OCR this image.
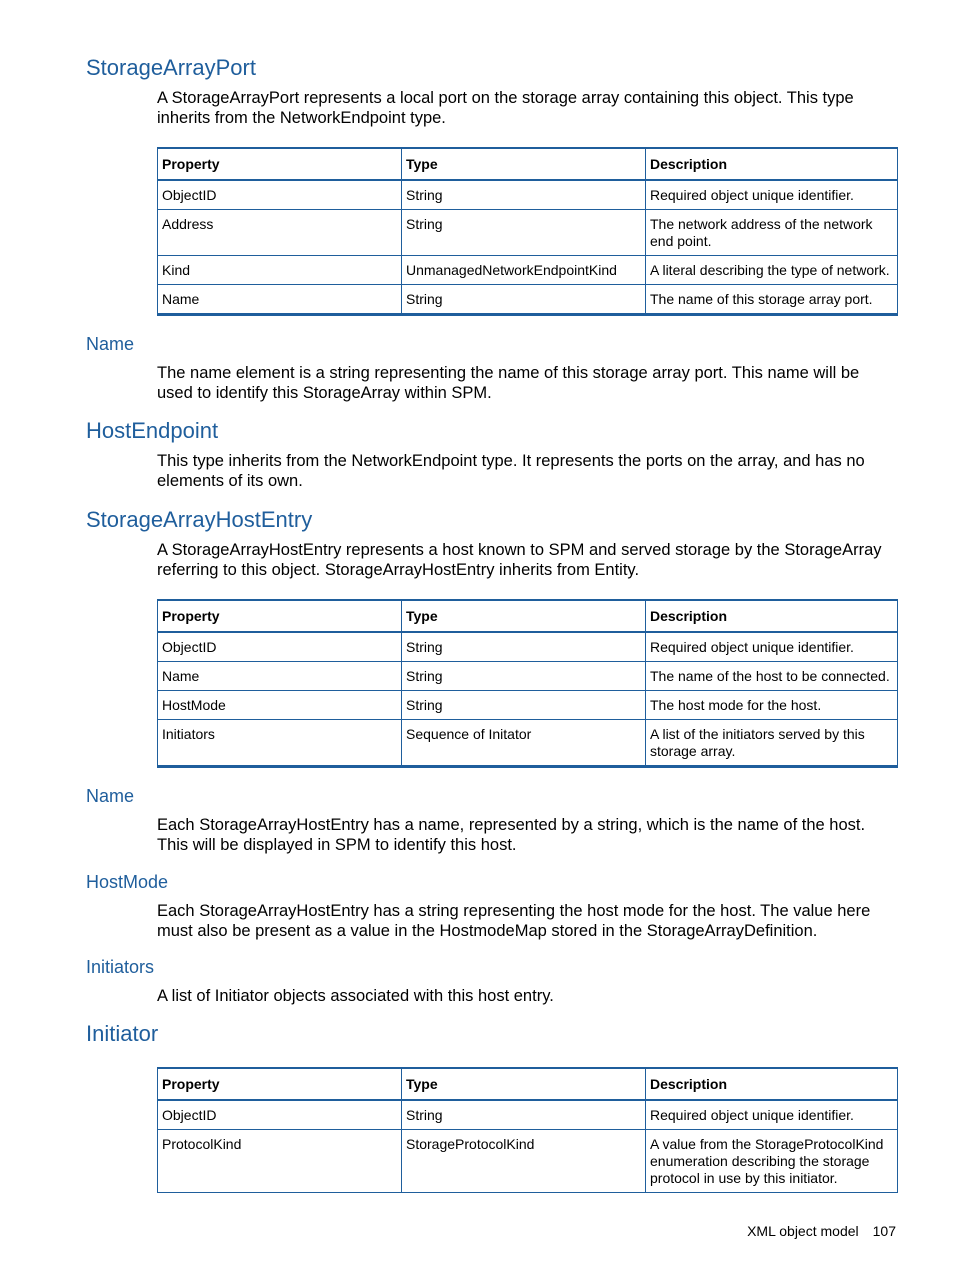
StorageArrayPort

A StorageArrayPort represents a local port on the storage array containing this object. This type inherits from the NetworkEndpoint type.

Property	Type	Description
ObjectID	String	Required object unique identifier.
Address	String	The network address of the network end point.
Kind	UnmanagedNetworkEndpointKind	A literal describing the type of network.
Name	String	The name of this storage array port.
Name

The name element is a string representing the name of this storage array port. This name will be used to identify this StorageArray within SPM.

HostEndpoint

This type inherits from the NetworkEndpoint type. It represents the ports on the array, and has no elements of its own.

StorageArrayHostEntry

A StorageArrayHostEntry represents a host known to SPM and served storage by the StorageArray referring to this object. StorageArrayHostEntry inherits from Entity.

Property	Type	Description
ObjectID	String	Required object unique identifier.
Name	String	The name of the host to be connected.
HostMode	String	The host mode for the host.
Initiators	Sequence of Initator	A list of the initiators served by this storage array.
Name

Each StorageArrayHostEntry has a name, represented by a string, which is the name of the host. This will be displayed in SPM to identify this host.

HostMode

Each StorageArrayHostEntry has a string representing the host mode for the host. The value here must also be present as a value in the HostmodeMap stored in the StorageArrayDefinition.

Initiators

A list of Initiator objects associated with this host entry.

Initiator
Property	Type	Description
ObjectID	String	Required object unique identifier.
ProtocolKind	StorageProtocolKind	A value from the StorageProtocolKind enumeration describing the storage protocol in use by this initiator.
XML object model 107
